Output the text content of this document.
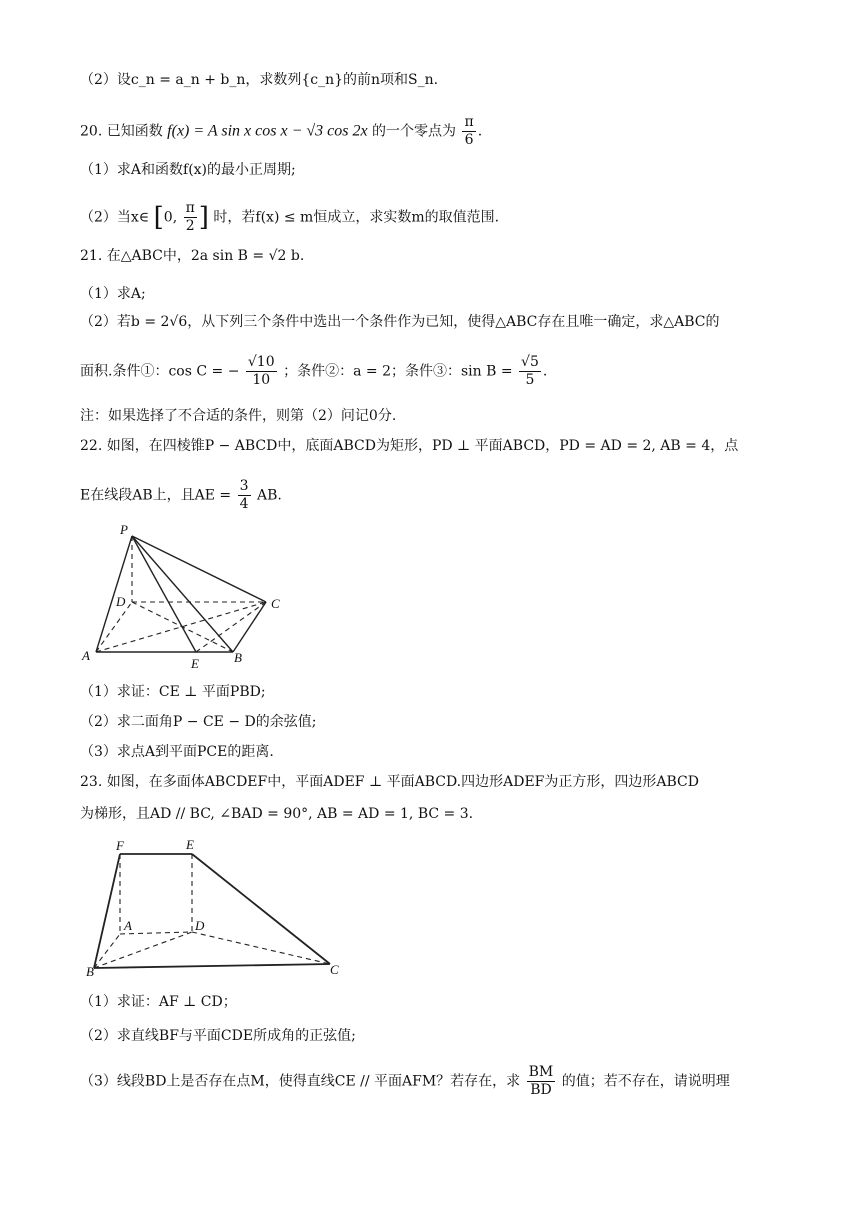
（2）设c_n = a_n + b_n，求数列{c_n}的前n项和S_n.
20. 已知函数 f(x) = A sin x cos x − √3 cos 2x 的一个零点为 $\frac{\pi}{6}$ .
（1）求A和函数f(x)的最小正周期;
（2）当x∈ [0, $\frac{\pi}{2}$ ] 时，若f(x) ≤ m恒成立，求实数m的取值范围.
21. 在△ABC中，2a sin B = √2 b.
（1）求A;
（2）若b = 2√6，从下列三个条件中选出一个条件作为已知，使得△ABC存在且唯一确定，求△ABC的
面积.条件①：cos C = − $\frac{√10}{10}$ ；条件②：a = 2；条件③：$\sin B = \frac{√5}{5}$ .
注：如果选择了不合适的条件，则第（2）问记0分.
22. 如图，在四棱锥P − ABCD中，底面ABCD为矩形，PD ⊥ 平面ABCD，PD = AD = 2, AB = 4，点
E在线段AB上，且AE = $\frac{3}{4}$ AB.
P
D	C
A
E	B
（1）求证：CE ⊥ 平面PBD;
（2）求二面角P − CE − D的余弦值;
（3）求点A到平面PCE的距离.
23. 如图，在多面体ABCDEF中，平面ADEF ⊥ 平面ABCD.四边形ADEF为正方形，四边形ABCD
为梯形，且AD // BC, ∠BAD = 90°, AB = AD = 1, BC = 3.
F	E
A	D
B	C
（1）求证：AF ⊥ CD；
（2）求直线BF与平面CDE所成角的正弦值;
（3）线段BD上是否存在点M，使得直线CE // 平面AFM？若存在，求 $\frac{BM}{BD}$ 的值；若不存在，请说明理
